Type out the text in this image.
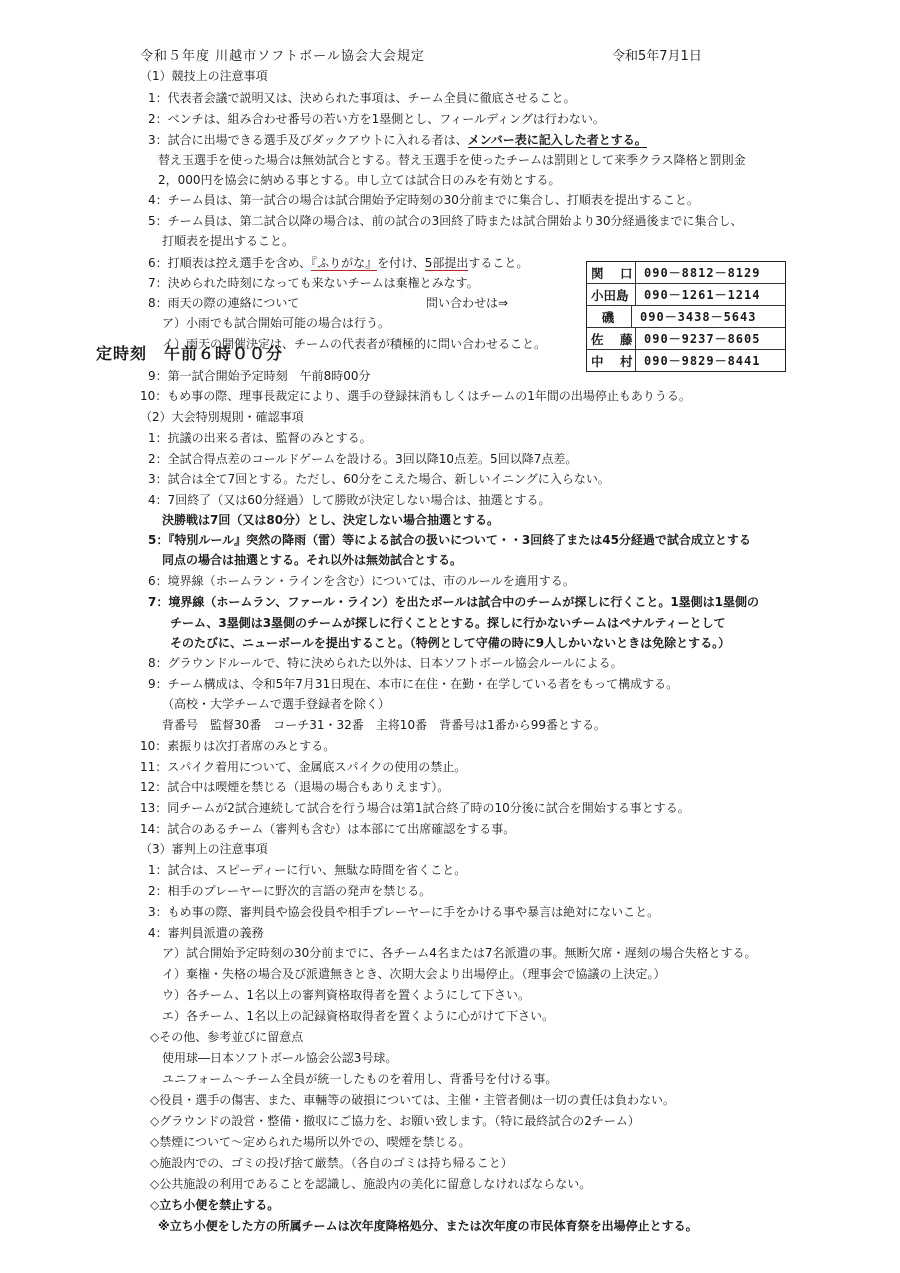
令和５年度 川越市ソフトボール協会大会規定	令和5年7月1日
（1）競技上の注意事項
1：代表者会議で説明又は、決められた事項は、チーム全員に徹底させること。
2：ベンチは、組み合わせ番号の若い方を1塁側とし、フィールディングは行わない。
3：試合に出場できる選手及びダックアウトに入れる者は、メンバー表に記入した者とする。
替え玉選手を使った場合は無効試合とする。替え玉選手を使ったチームは罰則として来季クラス降格と罰則金
2，000円を協会に納める事とする。申し立ては試合日のみを有効とする。
4：チーム員は、第一試合の場合は試合開始予定時刻の30分前までに集合し、打順表を提出すること。
5：チーム員は、第二試合以降の場合は、前の試合の3回終了時または試合開始より30分経過後までに集合し、
打順表を提出すること。
6：打順表は控え選手を含め、『ふりがな』を付け、5部提出すること。
7：決められた時刻になっても来ないチームは棄権とみなす。
8：雨天の際の連絡について	問い合わせは⇒
ア）小雨でも試合開始可能の場合は行う。
イ）雨天の開催決定は、チームの代表者が積極的に問い合わせること。
関　口 090－8812－8129
小田島	090－1261－1214
磯	090－3438－5643
佐　藤 090－9237－8605
中　村 090－9829－8441
定時刻　午前６時００分
9：第一試合開始予定時刻　午前8時00分
10：もめ事の際、理事長裁定により、選手の登録抹消もしくはチームの1年間の出場停止もありうる。
（2）大会特別規則・確認事項
1：抗議の出来る者は、監督のみとする。
2：全試合得点差のコールドゲームを設ける。3回以降10点差。5回以降7点差。
3：試合は全て7回とする。ただし、60分をこえた場合、新しいイニングに入らない。
4：7回終了（又は60分経過）して勝敗が決定しない場合は、抽選とする。
決勝戦は7回（又は80分）とし、決定しない場合抽選とする。
5：『特別ルール』突然の降雨（雷）等による試合の扱いについて・・3回終了または45分経過で試合成立とする
同点の場合は抽選とする。それ以外は無効試合とする。
6：境界線（ホームラン・ラインを含む）については、市のルールを適用する。
7：境界線（ホームラン、ファール・ライン）を出たボールは試合中のチームが探しに行くこと。1塁側は1塁側の
チーム、3塁側は3塁側のチームが探しに行くこととする。探しに行かないチームはペナルティーとして
そのたびに、ニューボールを提出すること。（特例として守備の時に9人しかいないときは免除とする。）
8：グラウンドルールで、特に決められた以外は、日本ソフトボール協会ルールによる。
9：チーム構成は、令和5年7月31日現在、本市に在住・在勤・在学している者をもって構成する。
（高校・大学チームで選手登録者を除く）
背番号　監督30番　コーチ31・32番　主将10番　背番号は1番から99番とする。
10：素振りは次打者席のみとする。
11：スパイク着用について、金属底スパイクの使用の禁止。
12：試合中は喫煙を禁じる（退場の場合もありえます）。
13：同チームが2試合連続して試合を行う場合は第1試合終了時の10分後に試合を開始する事とする。
14：試合のあるチーム（審判も含む）は本部にて出席確認をする事。
（3）審判上の注意事項
1：試合は、スピーディーに行い、無駄な時間を省くこと。
2：相手のプレーヤーに野次的言語の発声を禁じる。
3：もめ事の際、審判員や協会役員や相手プレーヤーに手をかける事や暴言は絶対にないこと。
4：審判員派遣の義務
ア）試合開始予定時刻の30分前までに、各チーム4名または7名派遣の事。無断欠席・遅刻の場合失格とする。
イ）棄権・失格の場合及び派遣無きとき、次期大会より出場停止。（理事会で協議の上決定。）
ウ）各チーム、1名以上の審判資格取得者を置くようにして下さい。
エ）各チーム、1名以上の記録資格取得者を置くように心がけて下さい。
◇その他、参考並びに留意点
使用球―日本ソフトボール協会公認3号球。
ユニフォーム～チーム全員が統一したものを着用し、背番号を付ける事。
◇役員・選手の傷害、また、車輛等の破損については、主催・主管者側は一切の責任は負わない。
◇グラウンドの設営・整備・撤収にご協力を、お願い致します。（特に最終試合の2チーム）
◇禁煙について～定められた場所以外での、喫煙を禁じる。
◇施設内での、ゴミの投げ捨て厳禁。（各自のゴミは持ち帰ること）
◇公共施設の利用であることを認識し、施設内の美化に留意しなければならない。
◇立ち小便を禁止する。
※立ち小便をした方の所属チームは次年度降格処分、または次年度の市民体育祭を出場停止とする。
